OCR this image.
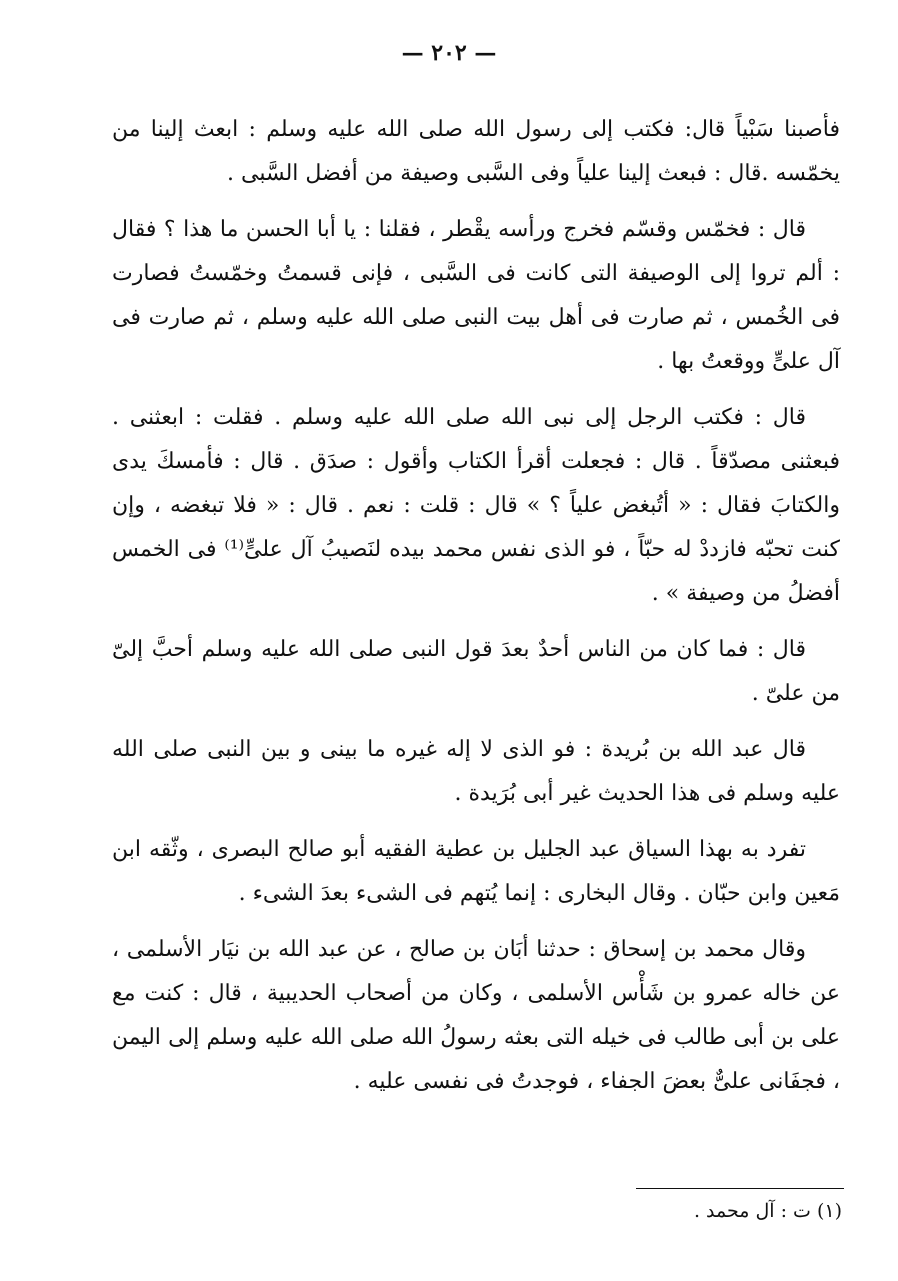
— ٢٠٢ —

فأصبنا سَبْياً قال: فكتب إلى رسول الله صلى الله عليه وسلم : ابعث إلينا من يخمّسه .قال : فبعث إلينا علياً وفى السَّبى وصيفة من أفضل السَّبى .

قال : فخمّس وقسّم فخرج ورأسه يقْطر ، فقلنا : يا أبا الحسن ما هذا ؟ فقال : ألم تروا إلى الوصيفة التى كانت فى السَّبى ، فإنى قسمتُ وخمّستُ فصارت فى الخُمس ، ثم صارت فى أهل بيت النبى صلى الله عليه وسلم ، ثم صارت فى آل علىٍّ ووقعتُ بها .

قال : فكتب الرجل إلى نبى الله صلى الله عليه وسلم . فقلت : ابعثنى . فبعثنى مصدّقاً . قال : فجعلت أقرأ الكتاب وأقول : صدَق . قال : فأمسكَ يدى والكتابَ فقال : « أتُبغض علياً ؟ » قال : قلت : نعم . قال : « فلا تبغضه ، وإن كنت تحبّه فازددْ له حبّاً ، فو الذى نفس محمد بيده لنَصيبُ آل علىٍّ⁽¹⁾ فى الخمس أفضلُ من وصيفة » .

قال : فما كان من الناس أحدٌ بعدَ قول النبى صلى الله عليه وسلم أحبَّ إلىّ من علىّ .

قال عبد الله بن بُريدة : فو الذى لا إله غيره ما بينى و بين النبى صلى الله عليه وسلم فى هذا الحديث غير أبى بُرَيدة .

تفرد به بهذا السياق عبد الجليل بن عطية الفقيه أبو صالح البصرى ، وثّقه ابن مَعين وابن حبّان . وقال البخارى : إنما يُتهم فى الشىء بعدَ الشىء .

وقال محمد بن إسحاق : حدثنا أبَان بن صالح ، عن عبد الله بن نيَار الأسلمى ، عن خاله عمرو بن شَأْس الأسلمى ، وكان من أصحاب الحديبية ، قال : كنت مع على بن أبى طالب فى خيله التى بعثه رسولُ الله صلى الله عليه وسلم إلى اليمن ، فجفَانى علىٌّ بعضَ الجفاء ، فوجدتُ فى نفسى عليه .

(١) ت : آل محمد .
